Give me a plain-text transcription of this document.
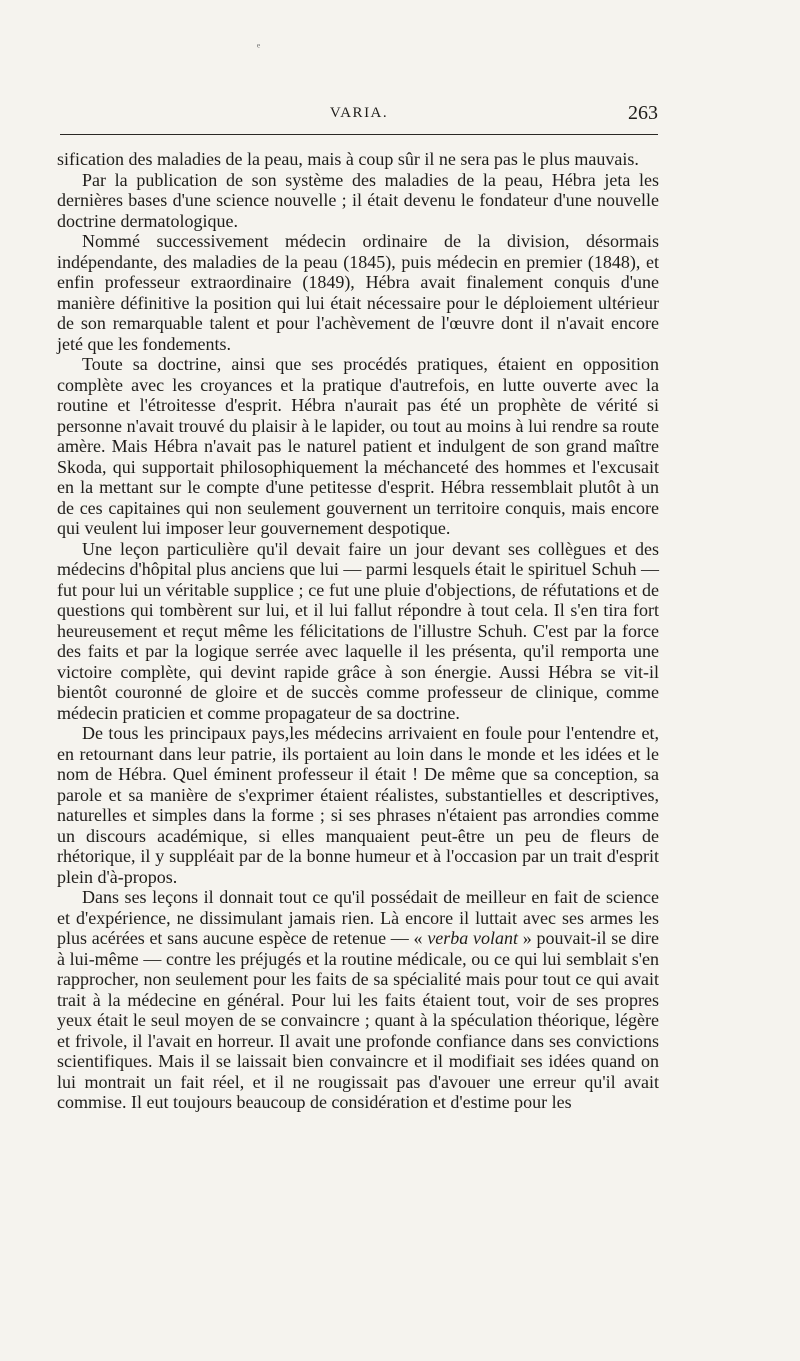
ᵉ
VARIA.	263

sification des maladies de la peau, mais à coup sûr il ne sera pas le plus mauvais.

Par la publication de son système des maladies de la peau, Hébra jeta les dernières bases d'une science nouvelle ; il était devenu le fondateur d'une nouvelle doctrine dermatologique.

Nommé successivement médecin ordinaire de la division, désormais indépendante, des maladies de la peau (1845), puis médecin en premier (1848), et enfin professeur extraordinaire (1849), Hébra avait finalement conquis d'une manière définitive la position qui lui était nécessaire pour le déploiement ultérieur de son remarquable talent et pour l'achèvement de l'œuvre dont il n'avait encore jeté que les fondements.

Toute sa doctrine, ainsi que ses procédés pratiques, étaient en opposition complète avec les croyances et la pratique d'autrefois, en lutte ouverte avec la routine et l'étroitesse d'esprit. Hébra n'aurait pas été un prophète de vérité si personne n'avait trouvé du plaisir à le lapider, ou tout au moins à lui rendre sa route amère. Mais Hébra n'avait pas le naturel patient et indulgent de son grand maître Skoda, qui supportait philosophiquement la méchanceté des hommes et l'excusait en la mettant sur le compte d'une petitesse d'esprit. Hébra ressemblait plutôt à un de ces capitaines qui non seulement gouvernent un territoire conquis, mais encore qui veulent lui imposer leur gouvernement despotique.

Une leçon particulière qu'il devait faire un jour devant ses collègues et des médecins d'hôpital plus anciens que lui — parmi lesquels était le spirituel Schuh — fut pour lui un véritable supplice ; ce fut une pluie d'objections, de réfutations et de questions qui tombèrent sur lui, et il lui fallut répondre à tout cela. Il s'en tira fort heureusement et reçut même les félicitations de l'illustre Schuh. C'est par la force des faits et par la logique serrée avec laquelle il les présenta, qu'il remporta une victoire complète, qui devint rapide grâce à son énergie. Aussi Hébra se vit-il bientôt couronné de gloire et de succès comme professeur de clinique, comme médecin praticien et comme propagateur de sa doctrine.

De tous les principaux pays,les médecins arrivaient en foule pour l'entendre et, en retournant dans leur patrie, ils portaient au loin dans le monde et les idées et le nom de Hébra. Quel éminent professeur il était ! De même que sa conception, sa parole et sa manière de s'exprimer étaient réalistes, substantielles et descriptives, naturelles et simples dans la forme ; si ses phrases n'étaient pas arrondies comme un discours académique, si elles manquaient peut-être un peu de fleurs de rhétorique, il y suppléait par de la bonne humeur et à l'occasion par un trait d'esprit plein d'à-propos.

Dans ses leçons il donnait tout ce qu'il possédait de meilleur en fait de science et d'expérience, ne dissimulant jamais rien. Là encore il luttait avec ses armes les plus acérées et sans aucune espèce de retenue — « verba volant » pouvait-il se dire à lui-même — contre les préjugés et la routine médicale, ou ce qui lui semblait s'en rapprocher, non seulement pour les faits de sa spécialité mais pour tout ce qui avait trait à la médecine en général. Pour lui les faits étaient tout, voir de ses propres yeux était le seul moyen de se convaincre ; quant à la spéculation théorique, légère et frivole, il l'avait en horreur. Il avait une profonde confiance dans ses convictions scientifiques. Mais il se laissait bien convaincre et il modifiait ses idées quand on lui montrait un fait réel, et il ne rougissait pas d'avouer une erreur qu'il avait commise. Il eut toujours beaucoup de considération et d'estime pour les
